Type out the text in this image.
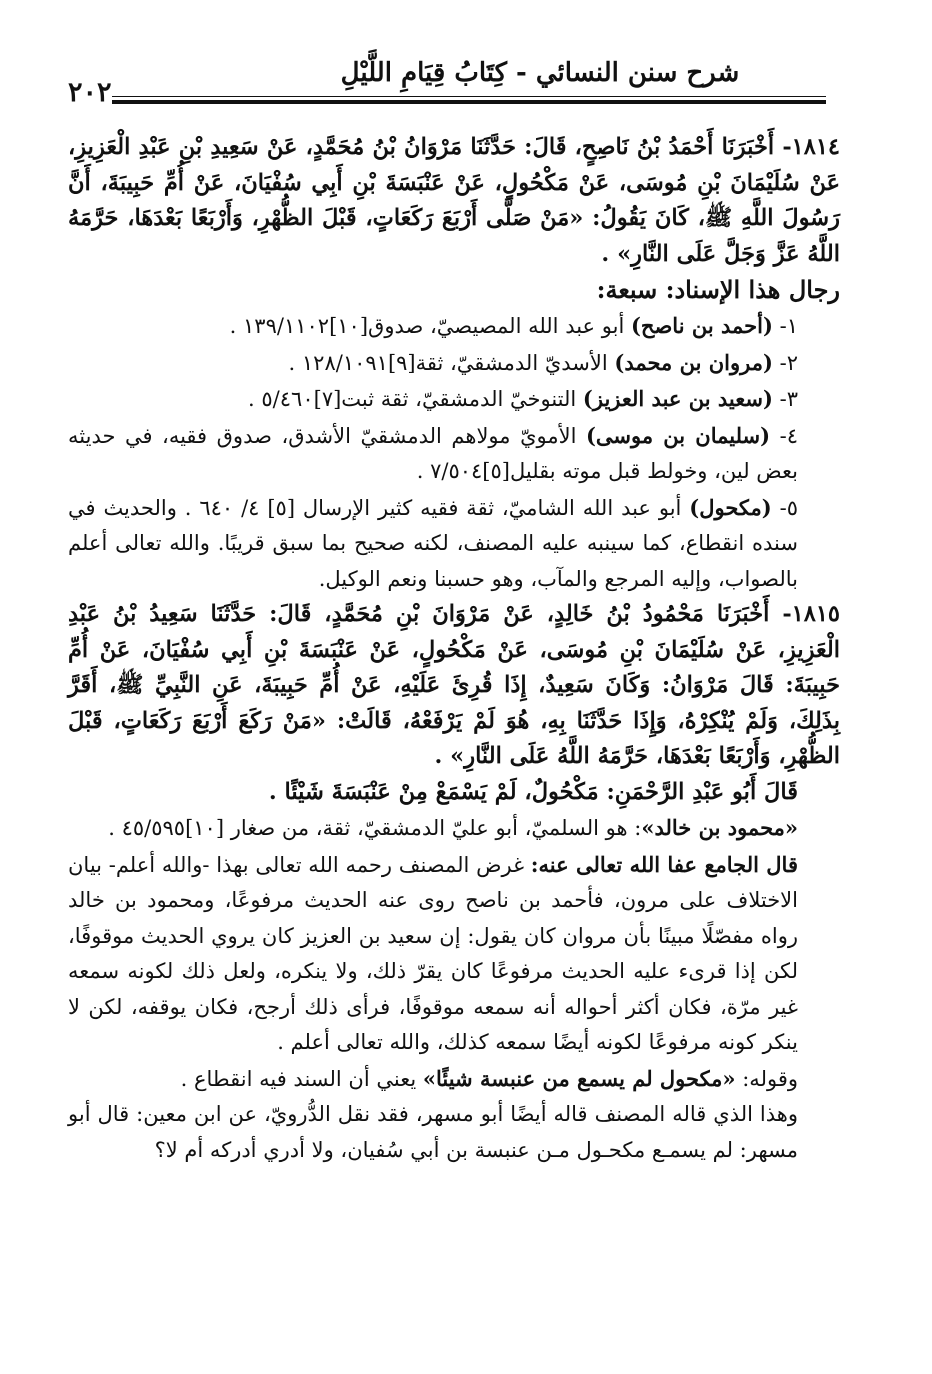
شرح سنن النسائي - كِتَابُ قِيَامِ اللَّيْلِ
٢٠٢

١٨١٤- أَخْبَرَنَا أَحْمَدُ بْنُ نَاصِحٍ، قَالَ: حَدَّثَنَا مَرْوَانُ بْنُ مُحَمَّدٍ، عَنْ سَعِيدِ بْنِ عَبْدِ الْعَزِيزِ، عَنْ سُلَيْمَانَ بْنِ مُوسَى، عَنْ مَكْحُولٍ، عَنْ عَنْبَسَةَ بْنِ أَبِي سُفْيَانَ، عَنْ أُمِّ حَبِيبَةَ، أَنَّ رَسُولَ اللَّهِ ﷺ، كَانَ يَقُولُ: «مَنْ صَلَّى أَرْبَعَ رَكَعَاتٍ، قَبْلَ الظُّهْرِ، وَأَرْبَعًا بَعْدَهَا، حَرَّمَهُ اللَّهُ عَزَّ وَجَلَّ عَلَى النَّارِ» .

رجال هذا الإسناد: سبعة:

١- (أحمد بن ناصح) أبو عبد الله المصيصيّ، صدوق[١٠]١٣٩/١١٠٢ .

٢- (مروان بن محمد) الأسديّ الدمشقيّ، ثقة[٩]١٢٨/١٠٩١ .

٣- (سعيد بن عبد العزيز) التنوخيّ الدمشقيّ، ثقة ثبت[٧]٥/٤٦٠ .

٤- (سليمان بن موسى) الأمويّ مولاهم الدمشقيّ الأشدق، صدوق فقيه، في حديثه بعض لين، وخولط قبل موته بقليل[٥]٧/٥٠٤ .

٥- (مكحول) أبو عبد الله الشاميّ، ثقة فقيه كثير الإرسال [٥] ٤/ ٦٤٠ . والحديث في سنده انقطاع، كما سينبه عليه المصنف، لكنه صحيح بما سبق قريبًا. والله تعالى أعلم بالصواب، وإليه المرجع والمآب، وهو حسبنا ونعم الوكيل.

١٨١٥- أَخْبَرَنَا مَحْمُودُ بْنُ خَالِدٍ، عَنْ مَرْوَانَ بْنِ مُحَمَّدٍ، قَالَ: حَدَّثَنَا سَعِيدُ بْنُ عَبْدِ الْعَزِيزِ، عَنْ سُلَيْمَانَ بْنِ مُوسَى، عَنْ مَكْحُولٍ، عَنْ عَنْبَسَةَ بْنِ أَبِي سُفْيَانَ، عَنْ أُمِّ حَبِيبَةَ: قَالَ مَرْوَانُ: وَكَانَ سَعِيدٌ، إِذَا قُرِئَ عَلَيْهِ، عَنْ أُمِّ حَبِيبَةَ، عَنِ النَّبِيِّ ﷺ، أَقَرَّ بِذَلِكَ، وَلَمْ يُنْكِرْهُ، وَإِذَا حَدَّثَنَا بِهِ، هُوَ لَمْ يَرْفَعْهُ، قَالَتْ: «مَنْ رَكَعَ أَرْبَعَ رَكَعَاتٍ، قَبْلَ الظُّهْرِ، وَأَرْبَعًا بَعْدَهَا، حَرَّمَهُ اللَّهُ عَلَى النَّارِ» .

قَالَ أَبُو عَبْدِ الرَّحْمَنِ: مَكْحُولٌ، لَمْ يَسْمَعْ مِنْ عَنْبَسَةَ شَيْئًا .

«محمود بن خالد»: هو السلميّ، أبو عليّ الدمشقيّ، ثقة، من صغار [١٠]٤٥/٥٩٥ .

قال الجامع عفا الله تعالى عنه: غرض المصنف رحمه الله تعالى بهذا -والله أعلم- بيان الاختلاف على مرون، فأحمد بن ناصح روى عنه الحديث مرفوعًا، ومحمود بن خالد رواه مفصّلًا مبينًا بأن مروان كان يقول: إن سعيد بن العزيز كان يروي الحديث موقوفًا، لكن إذا قرىء عليه الحديث مرفوعًا كان يقرّ ذلك، ولا ينكره، ولعل ذلك لكونه سمعه غير مرّة، فكان أكثر أحواله أنه سمعه موقوفًا، فرأى ذلك أرجح، فكان يوقفه، لكن لا ينكر كونه مرفوعًا لكونه أيضًا سمعه كذلك، والله تعالى أعلم .

وقوله: «مكحول لم يسمع من عنبسة شيئًا» يعني أن السند فيه انقطاع .

وهذا الذي قاله المصنف قاله أيضًا أبو مسهر، فقد نقل الدُّرويّ، عن ابن معين: قال أبو مسهر: لم يسمـع مكحـول مـن عنبسة بن أبي سُفيان، ولا أدري أدركه أم لا؟
